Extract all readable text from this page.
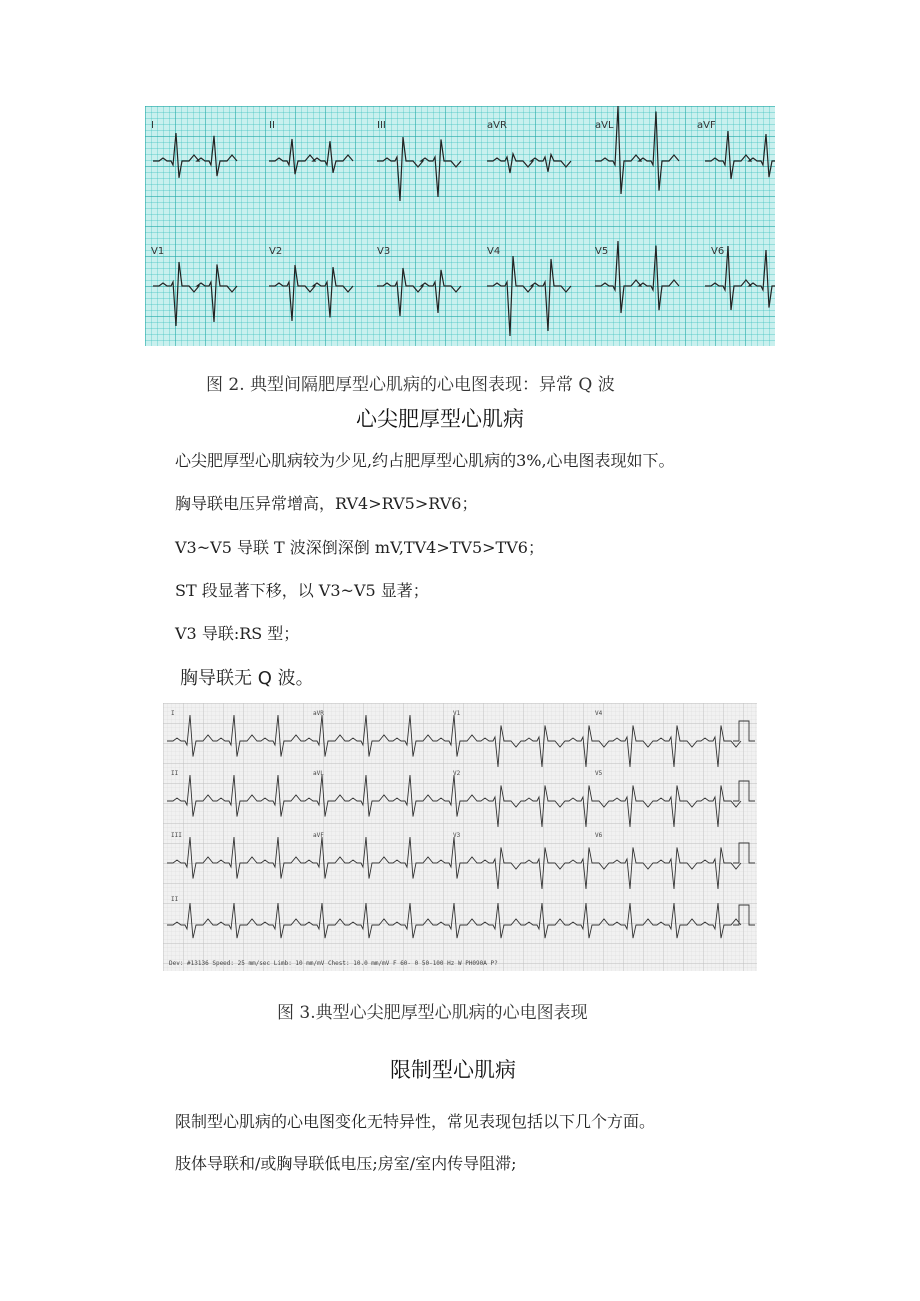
I	II	III	aVR	aVL	aVF
V1	V2	V3	V4	V5	V6
图 2. 典型间隔肥厚型心肌病的心电图表现：异常 Q 波
心尖肥厚型心肌病
心尖肥厚型心肌病较为少见,约占肥厚型心肌病的3%,心电图表现如下。
胸导联电压异常增高，RV4>RV5>RV6；
V3~V5 导联 T 波深倒深倒 mV,TV4>TV5>TV6；
ST 段显著下移，以 V3~V5 显著；
V3 导联:RS 型；
胸导联无 Q 波。
I	aVR	V1	V4
II	aVL	V2	V5
III	aVF	V3	V6
II
Dev: #13136 Speed: 25 mm/sec Limb: 10 mm/mV Chest: 10.0 mm/mV F 60- 0 50-100 Hz W PH090A P?
图 3.典型心尖肥厚型心肌病的心电图表现
限制型心肌病
限制型心肌病的心电图变化无特异性，常见表现包括以下几个方面。
肢体导联和/或胸导联低电压;房室/室内传导阻滞;
